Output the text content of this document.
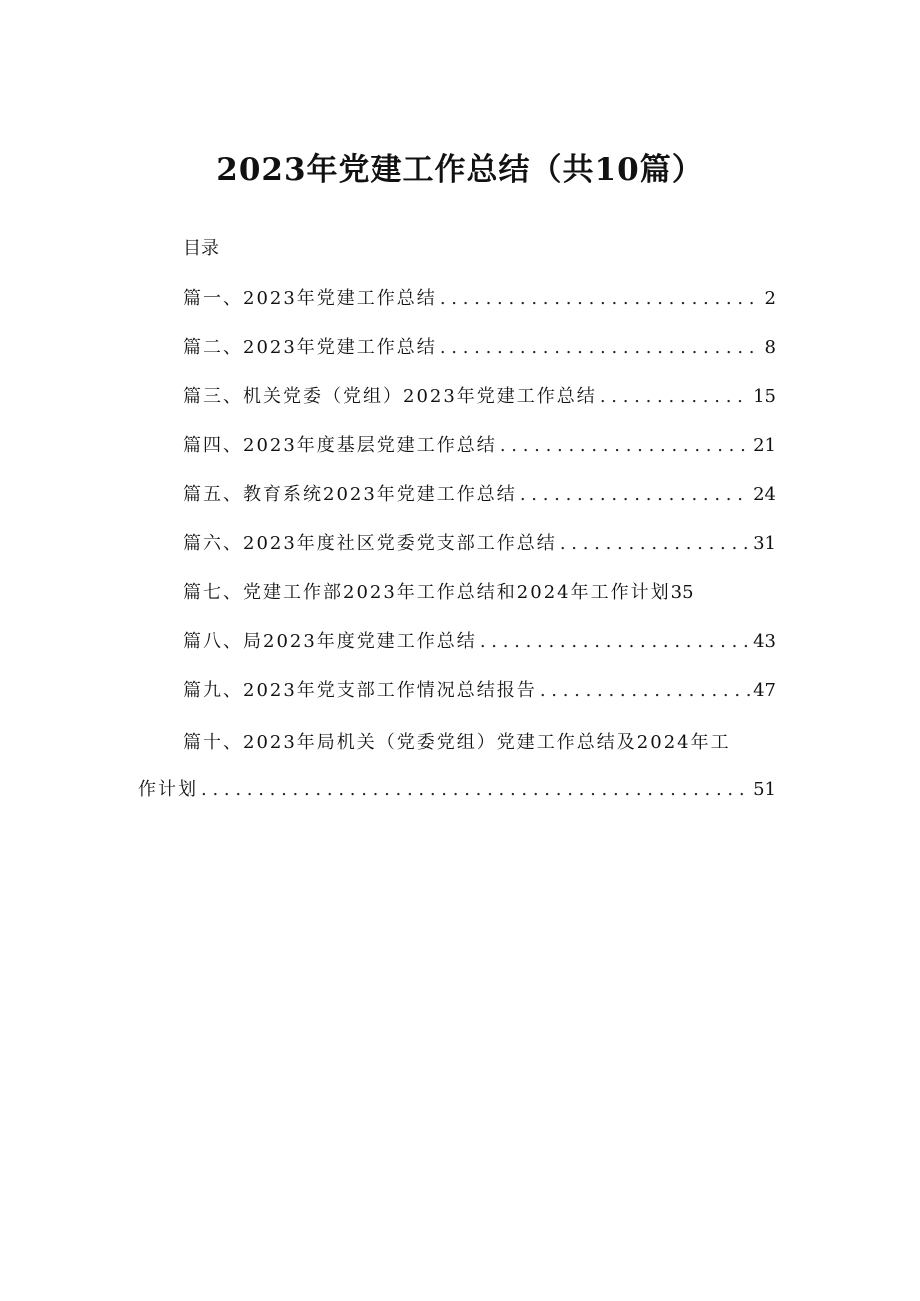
2023年党建工作总结（共10篇）
目录
篇一、2023年党建工作总结 . . .	2
篇二、2023年党建工作总结 . . .	8
篇三、机关党委（党组）2023年党建工作总结 . . .	15
篇四、2023年度基层党建工作总结 . . .	21
篇五、教育系统2023年党建工作总结 . . .	24
篇六、2023年度社区党委党支部工作总结 . . .	31
篇七、党建工作部2023年工作总结和2024年工作计划 35
篇八、局2023年度党建工作总结 . . .	43
篇九、2023年党支部工作情况总结报告 . . .	47
篇十、2023年局机关（党委党组）党建工作总结及2024年工
作计划 . . .	51
